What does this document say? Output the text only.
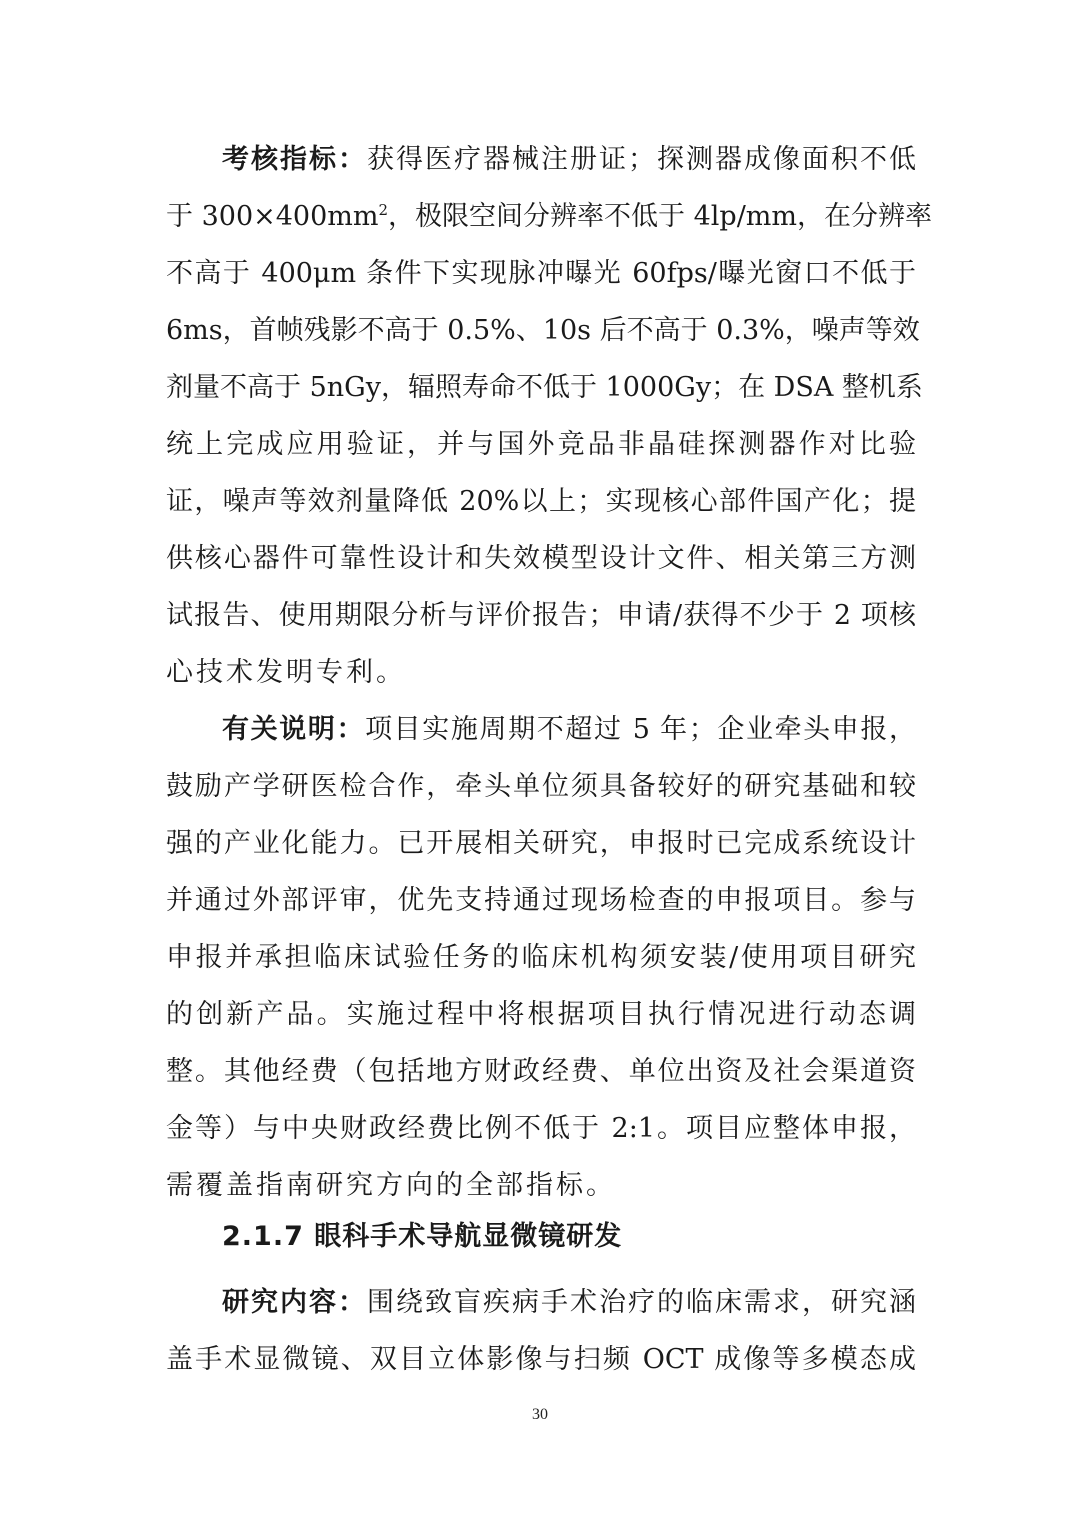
考核指标：获得医疗器械注册证；探测器成像面积不低
于 $300\times 400mm^2$，极限空间分辨率不低于 4lp/mm，在分辨率
不高于 400μm 条件下实现脉冲曝光 60fps/曝光窗口不低于
6ms，首帧残影不高于 0.5%、10s 后不高于 0.3%，噪声等效
剂量不高于 5nGy，辐照寿命不低于 1000Gy；在 DSA 整机系
统上完成应用验证，并与国外竞品非晶硅探测器作对比验
证，噪声等效剂量降低 20%以上；实现核心部件国产化；提
供核心器件可靠性设计和失效模型设计文件、相关第三方测
试报告、使用期限分析与评价报告；申请/获得不少于 2 项核
心技术发明专利。
有关说明：项目实施周期不超过 5 年；企业牵头申报，
鼓励产学研医检合作，牵头单位须具备较好的研究基础和较
强的产业化能力。已开展相关研究，申报时已完成系统设计
并通过外部评审，优先支持通过现场检查的申报项目。参与
申报并承担临床试验任务的临床机构须安装/使用项目研究
的创新产品。实施过程中将根据项目执行情况进行动态调
整。其他经费（包括地方财政经费、单位出资及社会渠道资
金等）与中央财政经费比例不低于 2:1。项目应整体申报，
需覆盖指南研究方向的全部指标。
2.1.7 眼科手术导航显微镜研发
研究内容：围绕致盲疾病手术治疗的临床需求，研究涵
盖手术显微镜、双目立体影像与扫频 OCT 成像等多模态成
30
